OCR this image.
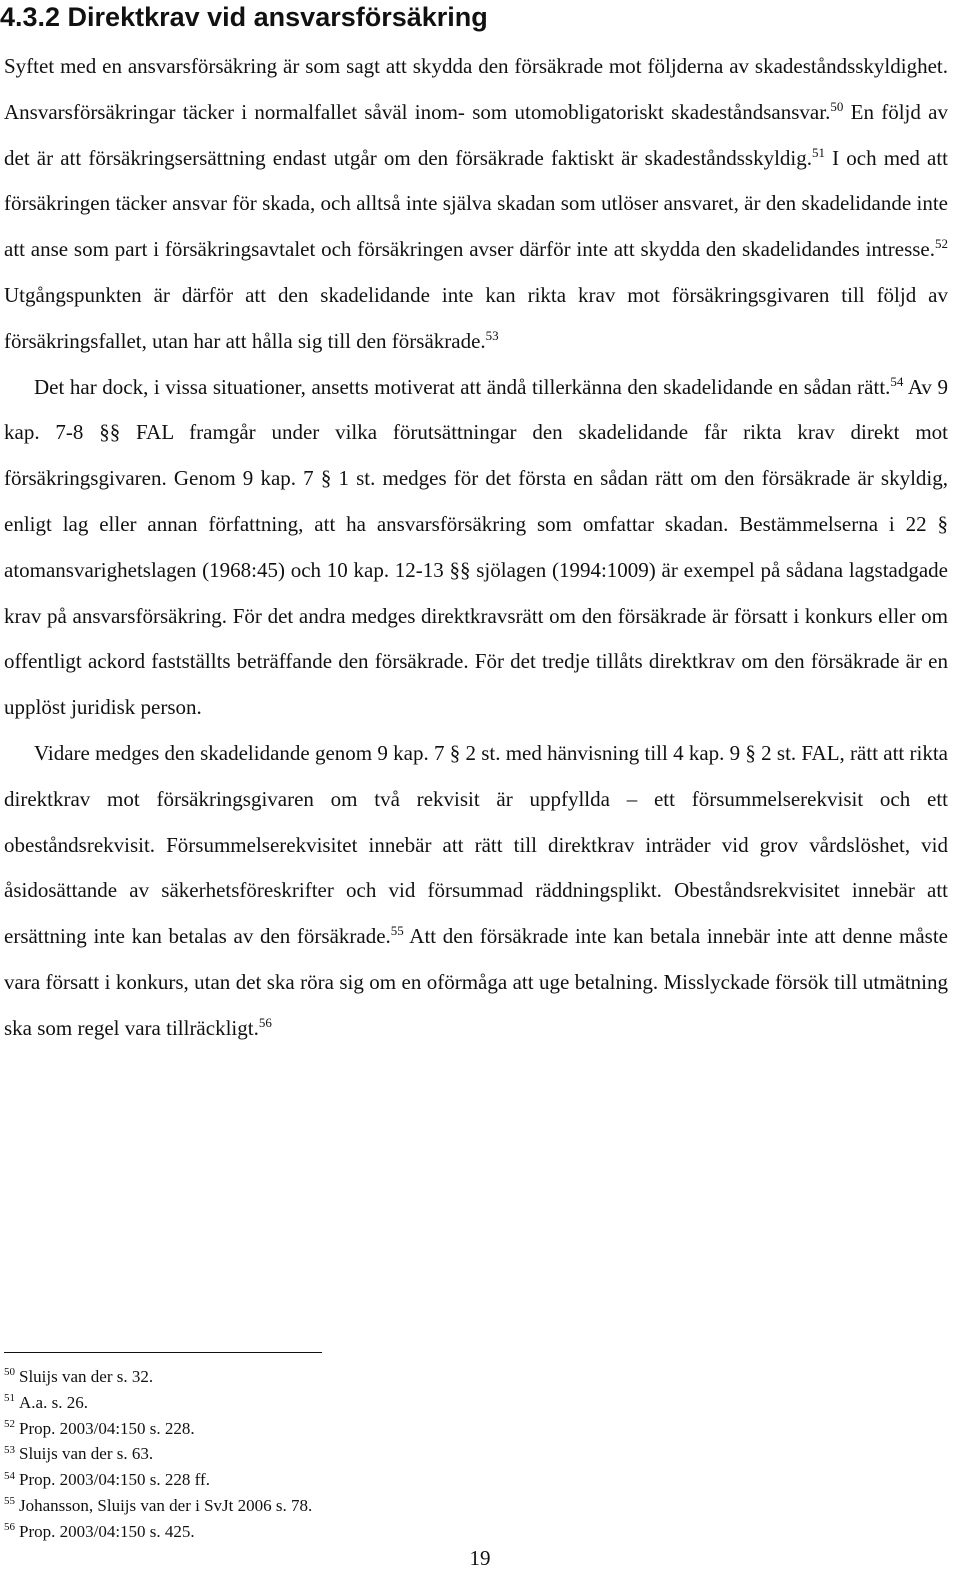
4.3.2 Direktkrav vid ansvarsförsäkring

Syftet med en ansvarsförsäkring är som sagt att skydda den försäkrade mot följderna av skadeståndsskyldighet. Ansvarsförsäkringar täcker i normalfallet såväl inom- som utomobligatoriskt skadeståndsansvar.$^{50}$ En följd av det är att försäkringsersättning endast utgår om den försäkrade faktiskt är skadeståndsskyldig.$^{51}$ I och med att försäkringen täcker ansvar för skada, och alltså inte själva skadan som utlöser ansvaret, är den skadelidande inte att anse som part i försäkringsavtalet och försäkringen avser därför inte att skydda den skadelidandes intresse.$^{52}$ Utgångspunkten är därför att den skadelidande inte kan rikta krav mot försäkringsgivaren till följd av försäkringsfallet, utan har att hålla sig till den försäkrade.$^{53}$

Det har dock, i vissa situationer, ansetts motiverat att ändå tillerkänna den skadelidande en sådan rätt.$^{54}$ Av 9 kap. 7-8 §§ FAL framgår under vilka förutsättningar den skadelidande får rikta krav direkt mot försäkringsgivaren. Genom 9 kap. 7 § 1 st. medges för det första en sådan rätt om den försäkrade är skyldig, enligt lag eller annan författning, att ha ansvarsförsäkring som omfattar skadan. Bestämmelserna i 22 § atomansvarighetslagen (1968:45) och 10 kap. 12-13 §§ sjölagen (1994:1009) är exempel på sådana lagstadgade krav på ansvarsförsäkring. För det andra medges direktkravsrätt om den försäkrade är försatt i konkurs eller om offentligt ackord fastställts beträffande den försäkrade. För det tredje tillåts direktkrav om den försäkrade är en upplöst juridisk person.

Vidare medges den skadelidande genom 9 kap. 7 § 2 st. med hänvisning till 4 kap. 9 § 2 st. FAL, rätt att rikta direktkrav mot försäkringsgivaren om två rekvisit är uppfyllda – ett försummelserekvisit och ett obeståndsrekvisit. Försummelserekvisitet innebär att rätt till direktkrav inträder vid grov vårdslöshet, vid åsidosättande av säkerhetsföreskrifter och vid försummad räddningsplikt. Obeståndsrekvisitet innebär att ersättning inte kan betalas av den försäkrade.$^{55}$ Att den försäkrade inte kan betala innebär inte att denne måste vara försatt i konkurs, utan det ska röra sig om en oförmåga att uge betalning. Misslyckade försök till utmätning ska som regel vara tillräckligt.$^{56}$

$^{50}$ Sluijs van der s. 32.
$^{51}$ A.a. s. 26.
$^{52}$ Prop. 2003/04:150 s. 228.
$^{53}$ Sluijs van der s. 63.
$^{54}$ Prop. 2003/04:150 s. 228 ff.
$^{55}$ Johansson, Sluijs van der i SvJt 2006 s. 78.
$^{56}$ Prop. 2003/04:150 s. 425.
19
